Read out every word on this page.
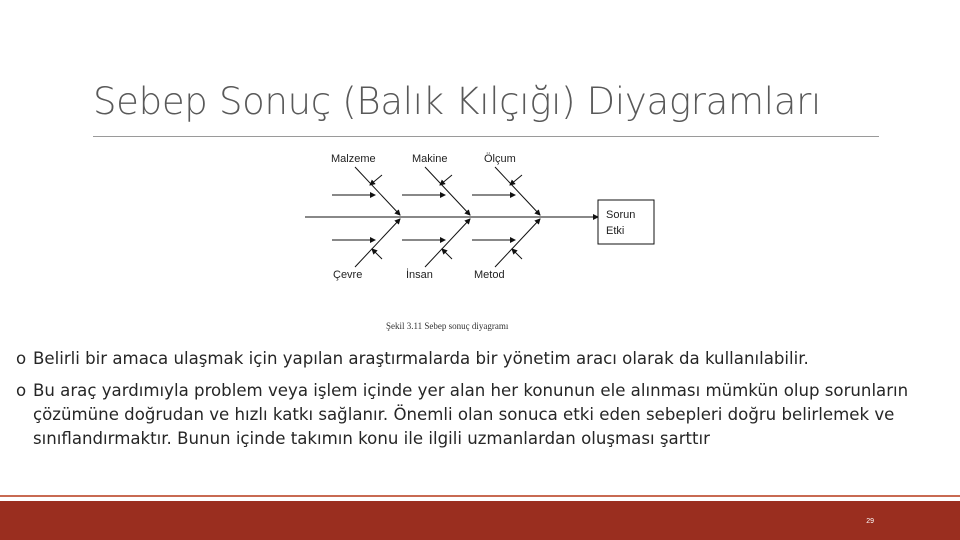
Sebep Sonuç (Balık Kılçığı) Diyagramları
Sorun
Etki
Malzeme	Makine	Ölçum
Çevre	İnsan	Metod
Şekil 3.11 Sebep sonuç diyagramı
o Belirli bir amaca ulaşmak için yapılan araştırmalarda bir yönetim aracı olarak da kullanılabilir.
o Bu araç yardımıyla problem veya işlem içinde yer alan her konunun ele alınması mümkün olup sorunların çözümüne doğrudan ve hızlı katkı sağlanır. Önemli olan sonuca etki eden sebepleri doğru belirlemek ve sınıflandırmaktır. Bunun içinde takımın konu ile ilgili uzmanlardan oluşması şarttır
29
